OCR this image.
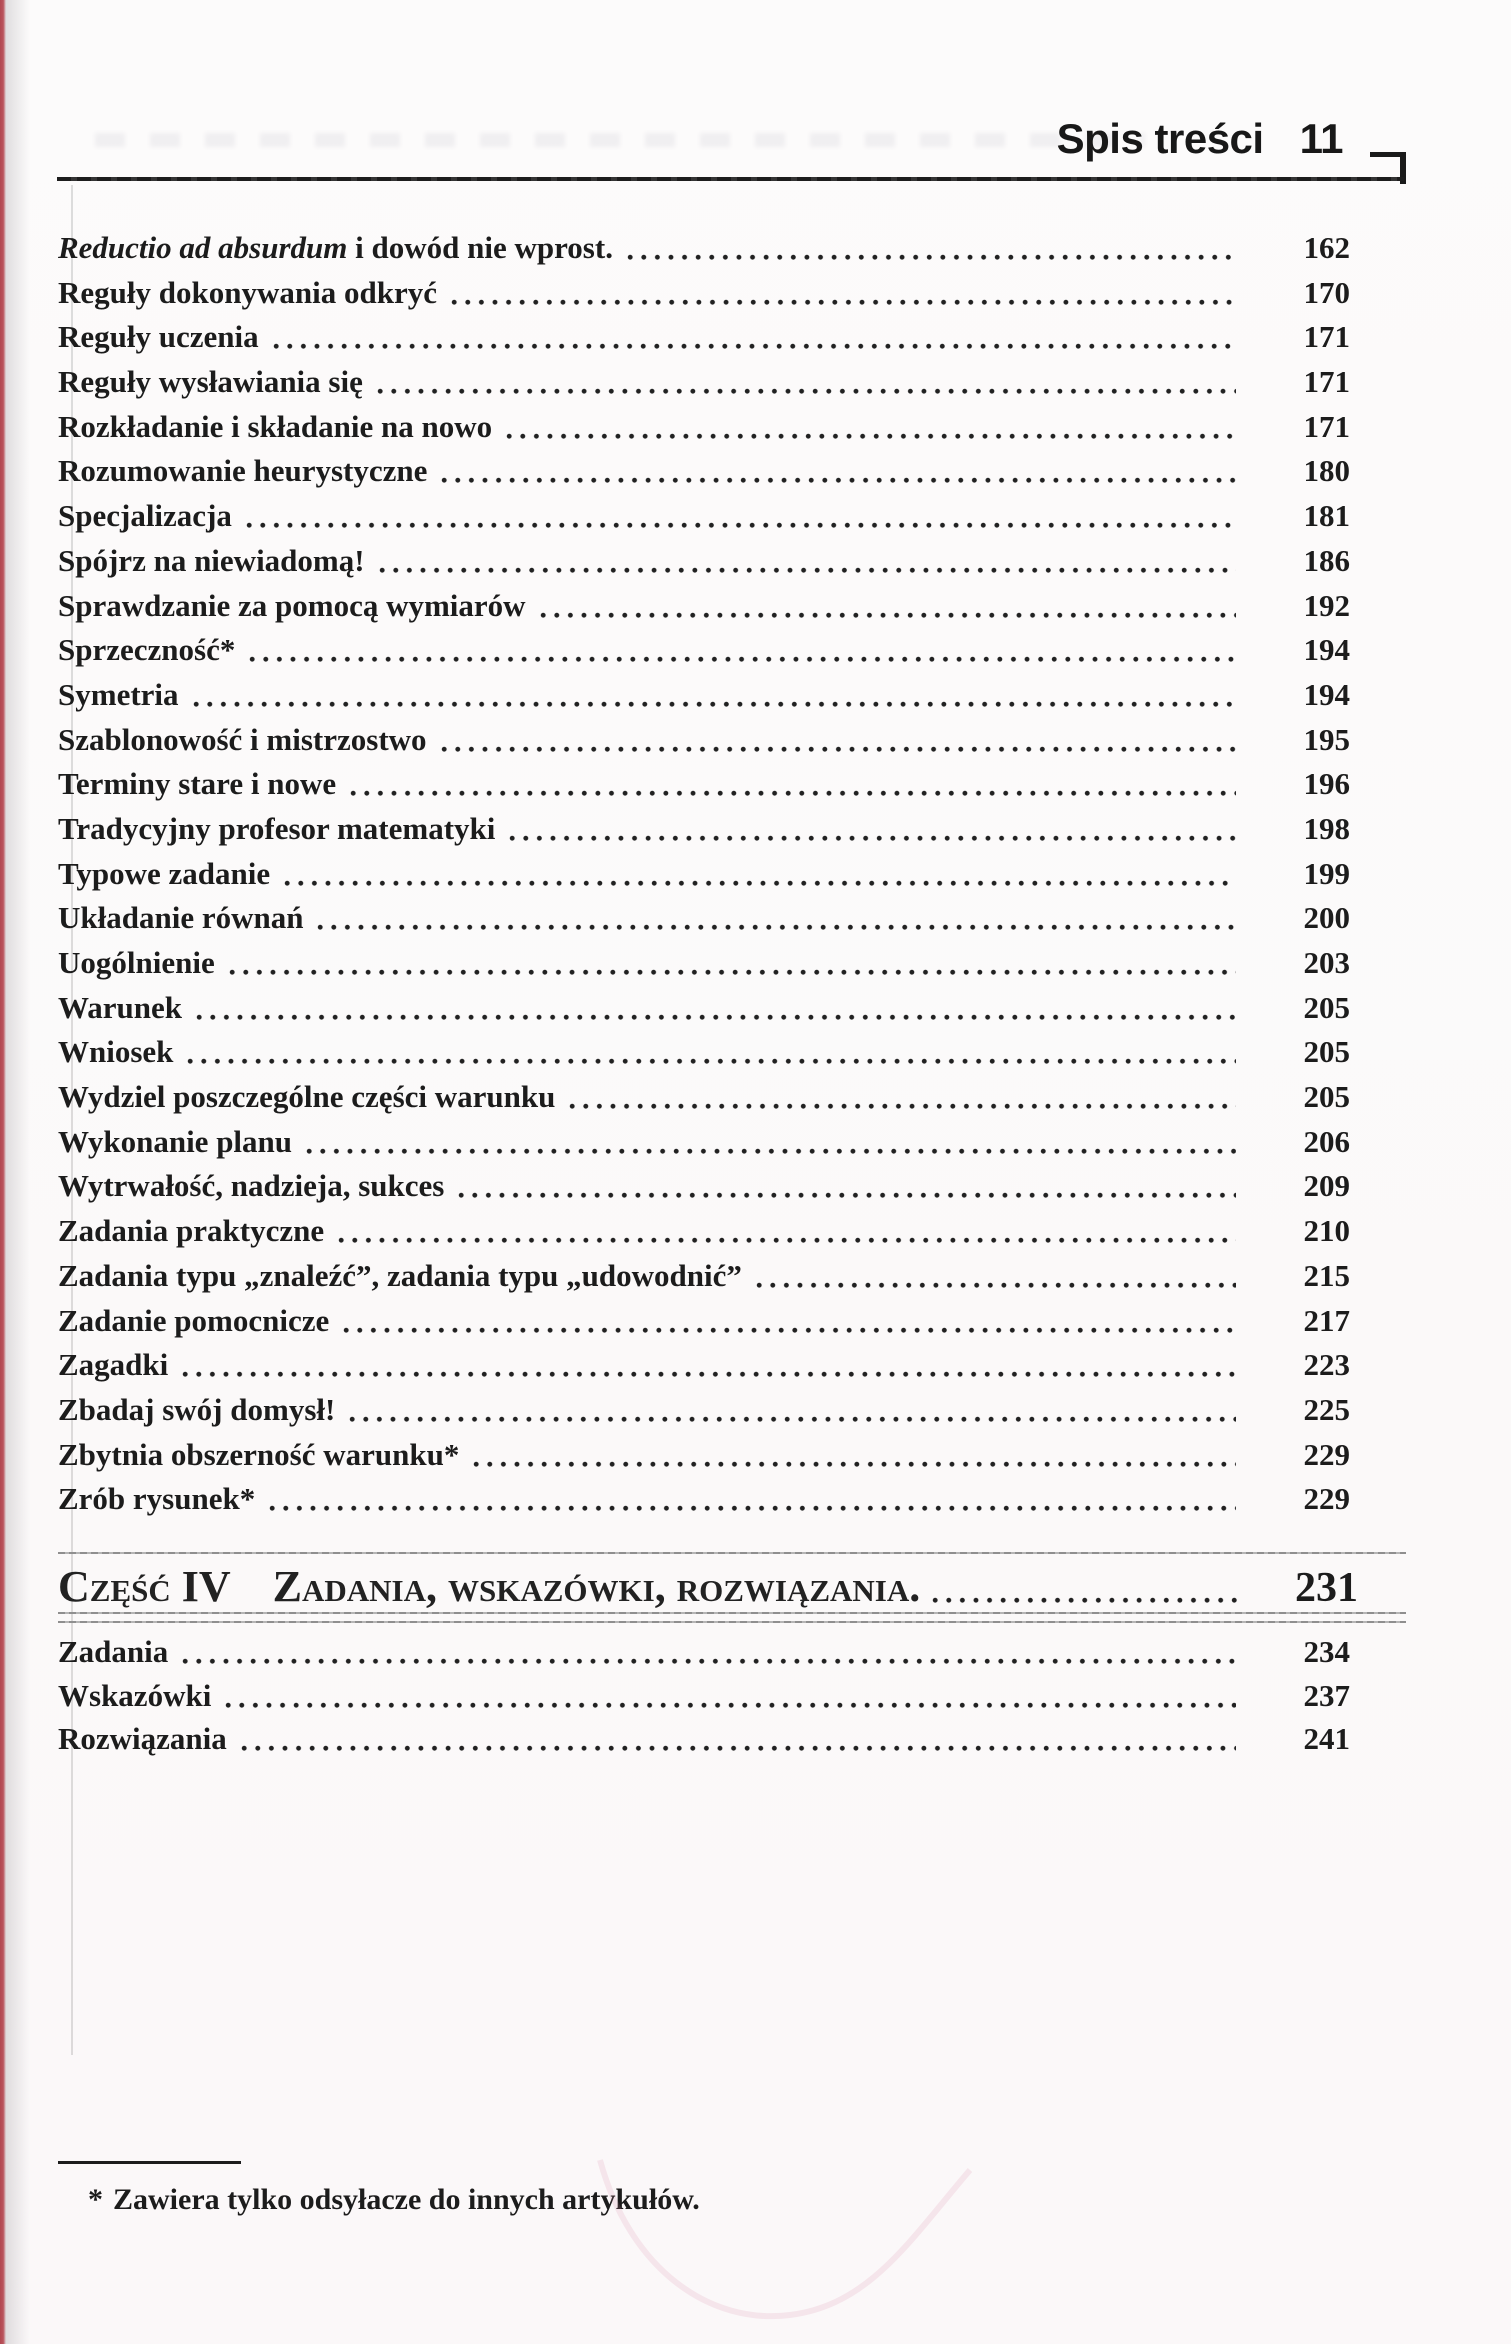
Spis treści 11
Reductio ad absurdum i dowód nie wprost.	162
Reguły dokonywania odkryć	170
Reguły uczenia	171
Reguły wysławiania się	171
Rozkładanie i składanie na nowo	171
Rozumowanie heurystyczne	180
Specjalizacja	181
Spójrz na niewiadomą!	186
Sprawdzanie za pomocą wymiarów	192
Sprzeczność*	194
Symetria	194
Szablonowość i mistrzostwo	195
Terminy stare i nowe	196
Tradycyjny profesor matematyki	198
Typowe zadanie	199
Układanie równań	200
Uogólnienie	203
Warunek	205
Wniosek	205
Wydziel poszczególne części warunku	205
Wykonanie planu	206
Wytrwałość, nadzieja, sukces	209
Zadania praktyczne	210
Zadania typu „znaleźć”, zadania typu „udowodnić”	215
Zadanie pomocnicze	217
Zagadki	223
Zbadaj swój domysł!	225
Zbytnia obszerność warunku*	229
Zrób rysunek*	229
Część IV Zadania, wskazówki, rozwiązania.	231
Zadania	234
Wskazówki	237
Rozwiązania	241
* Zawiera tylko odsyłacze do innych artykułów.
